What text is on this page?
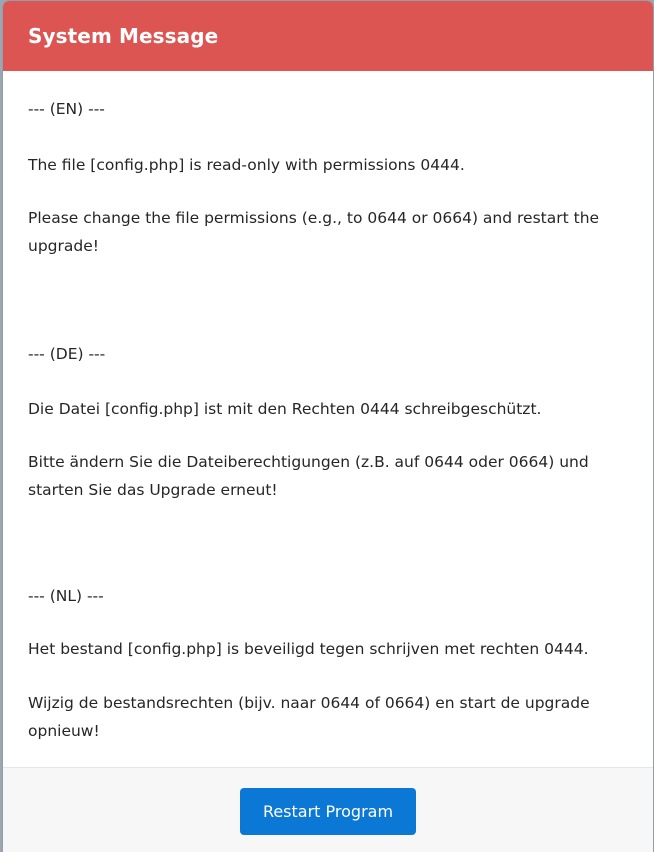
System Message
--- (EN) ---
The file [config.php] is read-only with permissions 0444.
Please change the file permissions (e.g., to 0644 or 0664) and restart the upgrade!
--- (DE) ---
Die Datei [config.php] ist mit den Rechten 0444 schreibgeschützt.
Bitte ändern Sie die Dateiberechtigungen (z.B. auf 0644 oder 0664) und starten Sie das Upgrade erneut!
--- (NL) ---
Het bestand [config.php] is beveiligd tegen schrijven met rechten 0444.
Wijzig de bestandsrechten (bijv. naar 0644 of 0664) en start de upgrade opnieuw!
Restart Program
